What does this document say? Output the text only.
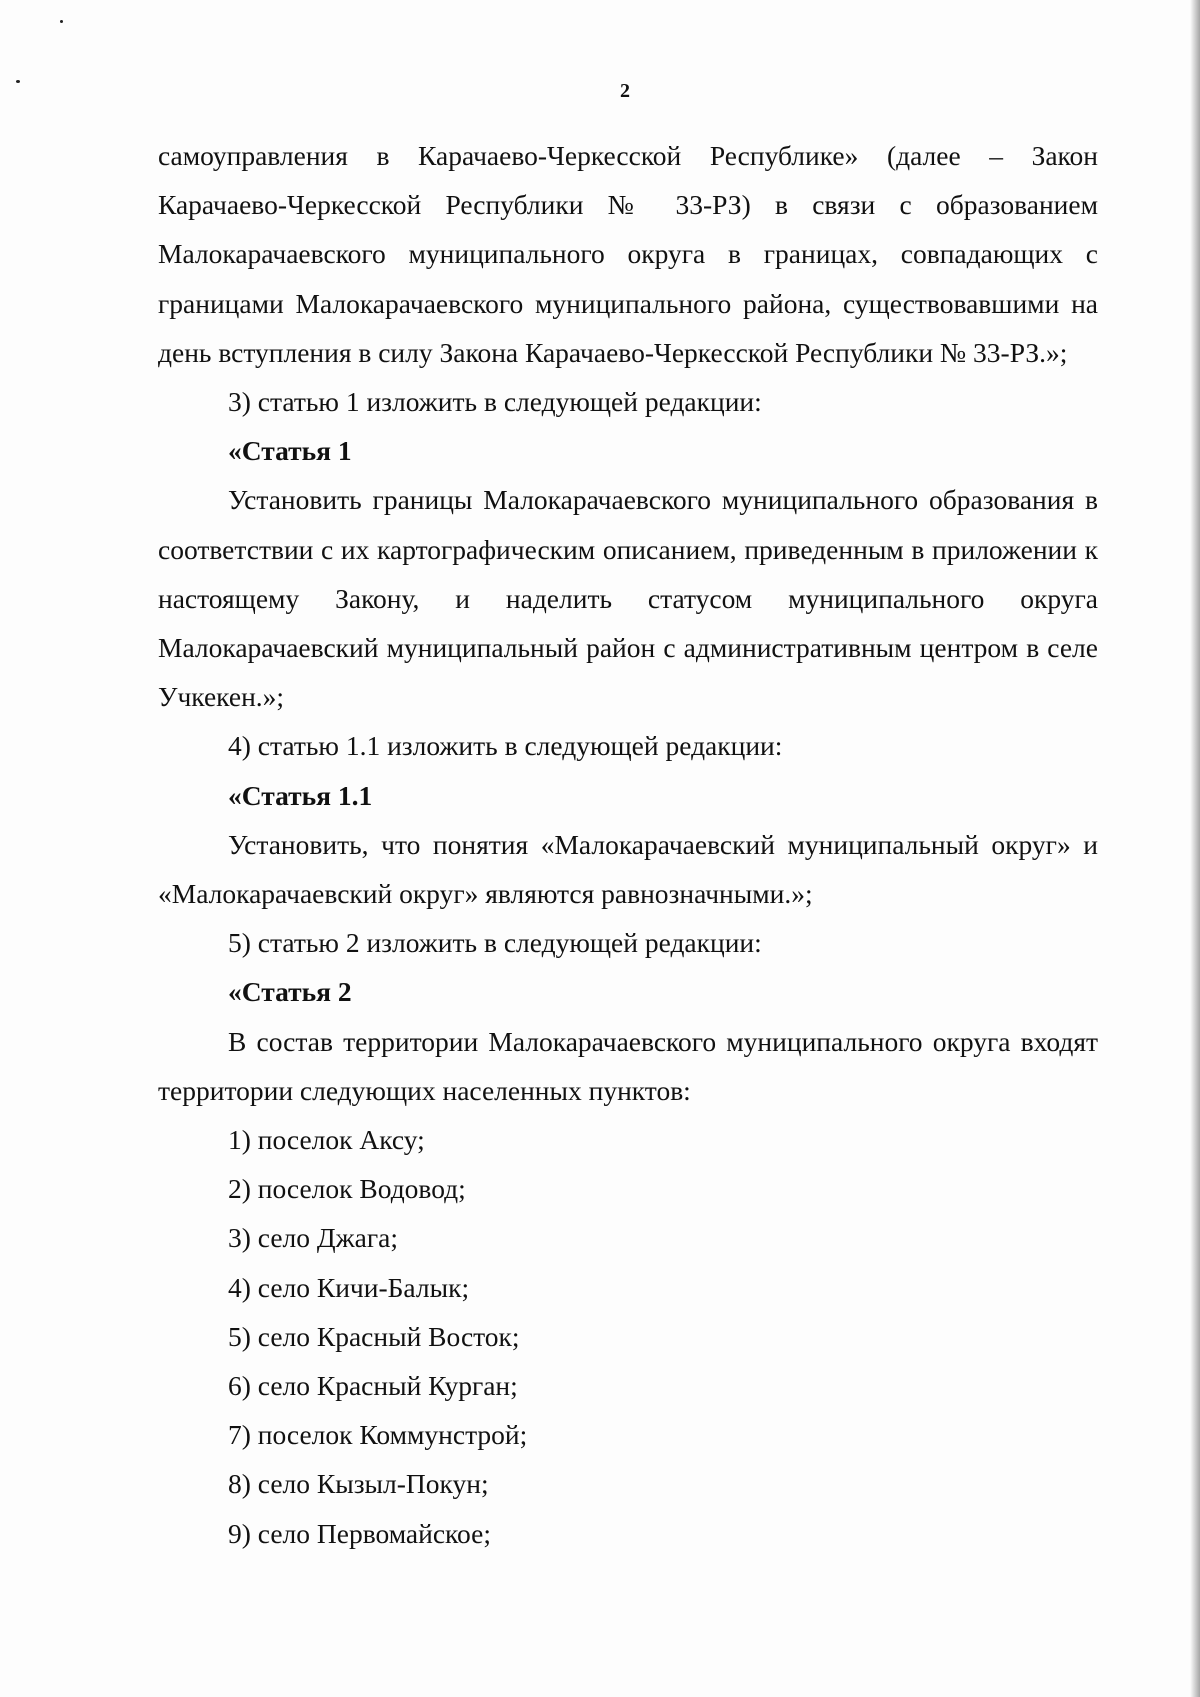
2

самоуправления в Карачаево-Черкесской Республике» (далее – Закон Карачаево-Черкесской Республики № 33-РЗ) в связи с образованием Малокарачаевского муниципального округа в границах, совпадающих с границами Малокарачаевского муниципального района, существовавшими на день вступления в силу Закона Карачаево-Черкесской Республики № 33-РЗ.»;

3) статью 1 изложить в следующей редакции:

«Статья 1

Установить границы Малокарачаевского муниципального образования в соответствии с их картографическим описанием, приведенным в приложении к настоящему Закону, и наделить статусом муниципального округа Малокарачаевский муниципальный район с административным центром в селе Учкекен.»;

4) статью 1.1 изложить в следующей редакции:

«Статья 1.1

Установить, что понятия «Малокарачаевский муниципальный округ» и «Малокарачаевский округ» являются равнозначными.»;

5) статью 2 изложить в следующей редакции:

«Статья 2

В состав территории Малокарачаевского муниципального округа входят территории следующих населенных пунктов:

1) поселок Аксу;
2) поселок Водовод;
3) село Джага;
4) село Кичи-Балык;
5) село Красный Восток;
6) село Красный Курган;
7) поселок Коммунстрой;
8) село Кызыл-Покун;
9) село Первомайское;
